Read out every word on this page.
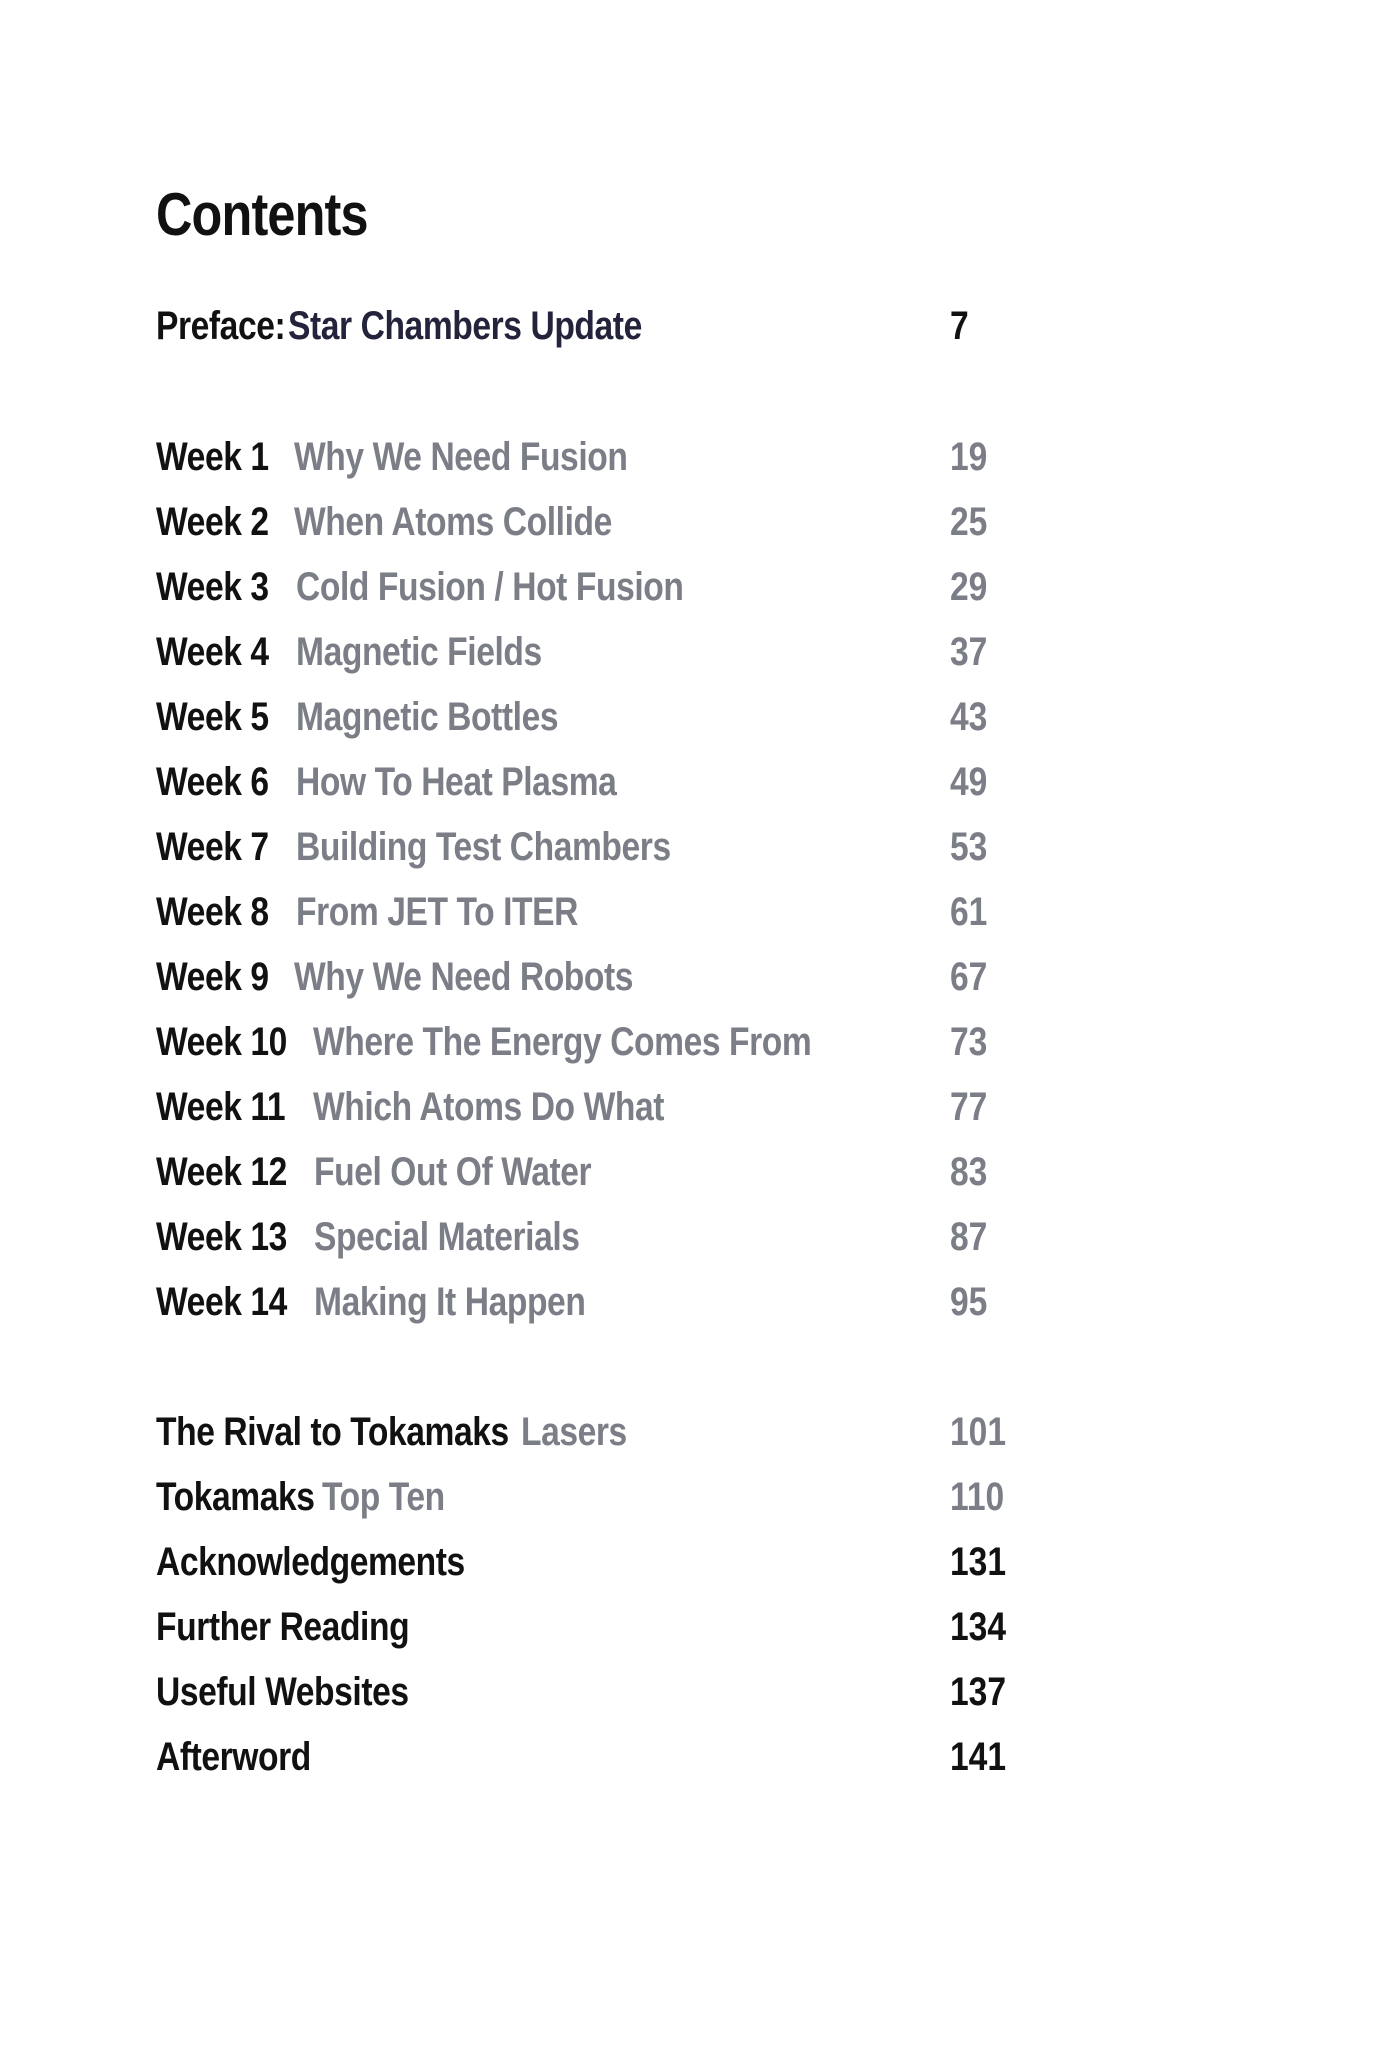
Contents
Preface: Star Chambers Update	7
Week 1 Why We Need Fusion	19
Week 2 When Atoms Collide	25
Week 3 Cold Fusion / Hot Fusion	29
Week 4 Magnetic Fields	37
Week 5 Magnetic Bottles	43
Week 6 How To Heat Plasma	49
Week 7 Building Test Chambers	53
Week 8 From JET To ITER	61
Week 9 Why We Need Robots	67
Week 10 Where The Energy Comes From	73
Week 11 Which Atoms Do What	77
Week 12 Fuel Out Of Water	83
Week 13 Special Materials	87
Week 14 Making It Happen	95
The Rival to Tokamaks Lasers	101
Tokamaks Top Ten	110
Acknowledgements	131
Further Reading	134
Useful Websites	137
Afterword	141
